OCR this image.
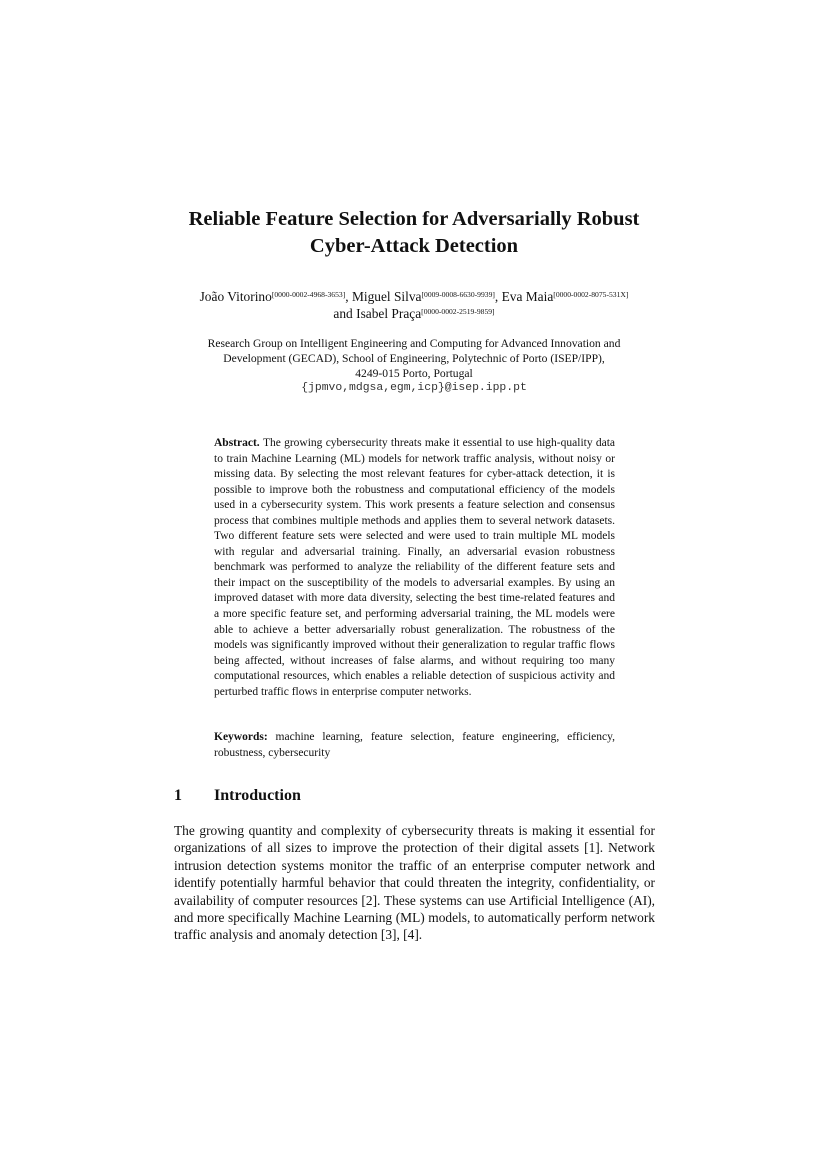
Reliable Feature Selection for Adversarially Robust
Cyber-Attack Detection
João Vitorino[0000-0002-4968-3653], Miguel Silva[0009-0008-6630-9939], Eva Maia[0000-0002-8075-531X]
and Isabel Praça[0000-0002-2519-9859]
Research Group on Intelligent Engineering and Computing for Advanced Innovation and
Development (GECAD), School of Engineering, Polytechnic of Porto (ISEP/IPP),
4249-015 Porto, Portugal
{jpmvo,mdgsa,egm,icp}@isep.ipp.pt
Abstract. The growing cybersecurity threats make it essential to use high-quality data to train Machine Learning (ML) models for network traffic analysis, without noisy or missing data. By selecting the most relevant features for cyber-attack detection, it is possible to improve both the robustness and computational efficiency of the models used in a cybersecurity system. This work presents a feature selection and consensus process that combines multiple methods and applies them to several network datasets. Two different feature sets were selected and were used to train multiple ML models with regular and adversarial training. Finally, an adversarial evasion robustness benchmark was performed to analyze the reliability of the different feature sets and their impact on the susceptibility of the models to adversarial examples. By using an improved dataset with more data diversity, selecting the best time-related features and a more specific feature set, and performing adversarial training, the ML models were able to achieve a better adversarially robust generalization. The robustness of the models was significantly improved without their generalization to regular traffic flows being affected, without increases of false alarms, and without requiring too many computational resources, which enables a reliable detection of suspicious activity and perturbed traffic flows in enterprise computer networks.
Keywords: machine learning, feature selection, feature engineering, efficiency, robustness, cybersecurity
1 Introduction
The growing quantity and complexity of cybersecurity threats is making it essential for organizations of all sizes to improve the protection of their digital assets [1]. Network intrusion detection systems monitor the traffic of an enterprise computer network and identify potentially harmful behavior that could threaten the integrity, confidentiality, or availability of computer resources [2]. These systems can use Artificial Intelligence (AI), and more specifically Machine Learning (ML) models, to automatically perform network traffic analysis and anomaly detection [3], [4].
